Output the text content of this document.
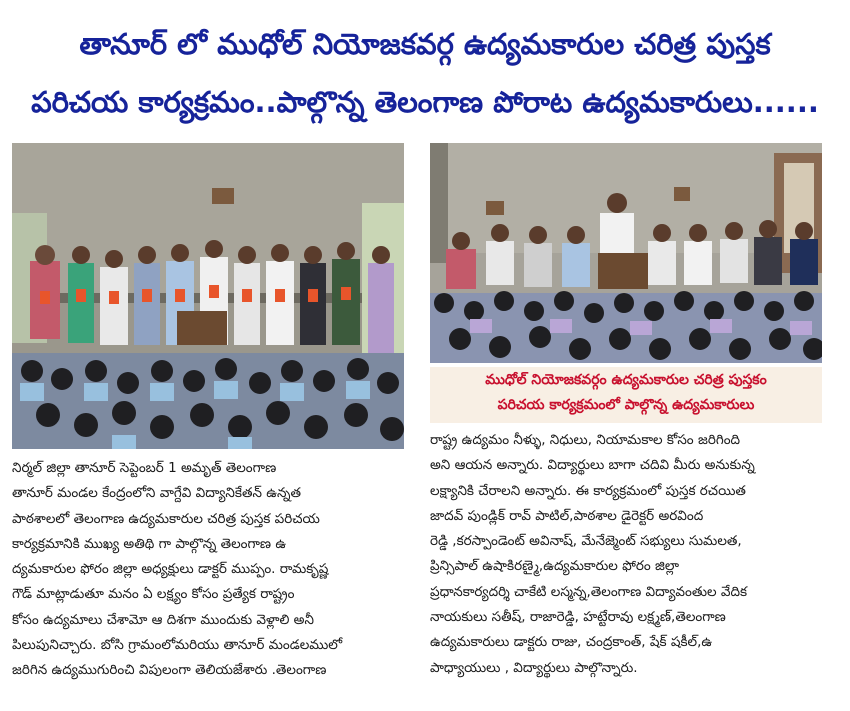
తానూర్ లో ముధోల్ నియోజకవర్గ ఉద్యమకారుల చరిత్ర పుస్తక
పరిచయ కార్యక్రమం..పాల్గొన్న తెలంగాణ పోరాట ఉద్యమకారులు......
ముధోల్ నియోజకవర్గం ఉద్యమకారుల చరిత్ర పుస్తకం
పరిచయ కార్యక్రమంలో పాల్గొన్న ఉద్యమకారులు
నిర్మల్ జిల్లా తానూర్ సెప్టెంబర్ 1 అమృత్ తెలంగాణ
తానూర్ మండల కేంద్రంలోని వాగ్దేవి విద్యానికేతన్ ఉన్నత
పాఠశాలలో తెలంగాణ ఉద్యమకారుల చరిత్ర పుస్తక పరిచయ
కార్యక్రమానికి ముఖ్య అతిథి గా పాల్గొన్న తెలంగాణ ఉ
ద్యమకారుల ఫోరం జిల్లా అధ్యక్షులు డాక్టర్ ముప్పం. రామకృష్ణ
గౌడ్ మాట్లాడుతూ మనం ఏ లక్ష్యం కోసం ప్రత్యేక రాష్ట్రం
కోసం ఉద్యమాలు చేశామో ఆ దిశగా ముందుకు వెళ్లాలి అనీ
పిలుపునిచ్చారు. బోసి గ్రామంలోమరియు తానూర్ మండలములో
జరిగిన ఉద్యముగురించి విపులంగా తెలియజేశారు .తెలంగాణ
రాష్ట్ర ఉద్యమం నీళ్ళు, నిధులు, నియామకాల కోసం జరిగింది
అని ఆయన అన్నారు. విద్యార్థులు బాగా చదివి మీరు అనుకున్న
లక్ష్యానికి చేరాలని అన్నారు. ఈ కార్యక్రమంలో పుస్తక రచయిత
జాదవ్ పుండ్లిక్ రావ్ పాటిల్,పాఠశాల డైరెక్టర్ అరవింద
రెడ్డి ,కరస్పాండెంట్ అవినాష్, మేనేజ్మెంట్ సభ్యులు సుమలత,
ప్రిన్సిపాల్ ఉషాకిరణ్మై,ఉద్యమకారుల ఫోరం జిల్లా
ప్రధానకార్యదర్శి చాకేటి లస్మన్న,తెలంగాణ విద్యావంతుల వేదిక
నాయకులు సతీష్, రాజారెడ్డి, హట్టేరావు లక్ష్మణ్,తెలంగాణ
ఉద్యమకారులు డాక్టరు రాజు, చంద్రకాంత్, షేక్ షకీల్,ఉ
పాధ్యాయులు , విద్యార్థులు పాల్గొన్నారు.
